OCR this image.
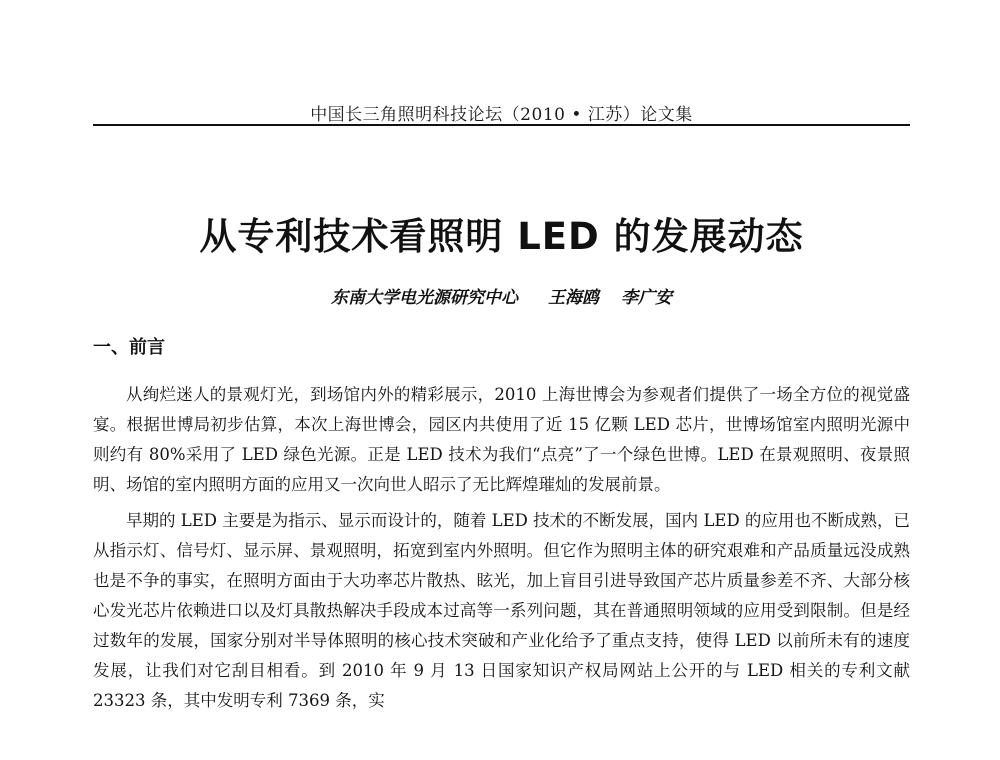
中国长三角照明科技论坛（2010 • 江苏）论文集
从专利技术看照明 LED 的发展动态
东南大学电光源研究中心 王海鸥 李广安
一、前言

从绚烂迷人的景观灯光，到场馆内外的精彩展示，2010 上海世博会为参观者们提供了一场全方位的视觉盛宴。根据世博局初步估算，本次上海世博会，园区内共使用了近 15 亿颗 LED 芯片，世博场馆室内照明光源中则约有 80%采用了 LED 绿色光源。正是 LED 技术为我们“点亮”了一个绿色世博。LED 在景观照明、夜景照明、场馆的室内照明方面的应用又一次向世人昭示了无比辉煌璀灿的发展前景。

早期的 LED 主要是为指示、显示而设计的，随着 LED 技术的不断发展，国内 LED 的应用也不断成熟，已从指示灯、信号灯、显示屏、景观照明，拓宽到室内外照明。但它作为照明主体的研究艰难和产品质量远没成熟也是不争的事实，在照明方面由于大功率芯片散热、眩光，加上盲目引进导致国产芯片质量参差不齐、大部分核心发光芯片依赖进口以及灯具散热解决手段成本过高等一系列问题，其在普通照明领域的应用受到限制。但是经过数年的发展，国家分别对半导体照明的核心技术突破和产业化给予了重点支持，使得 LED 以前所未有的速度发展，让我们对它刮目相看。到 2010 年 9 月 13 日国家知识产权局网站上公开的与 LED 相关的专利文献 23323 条，其中发明专利 7369 条，实
